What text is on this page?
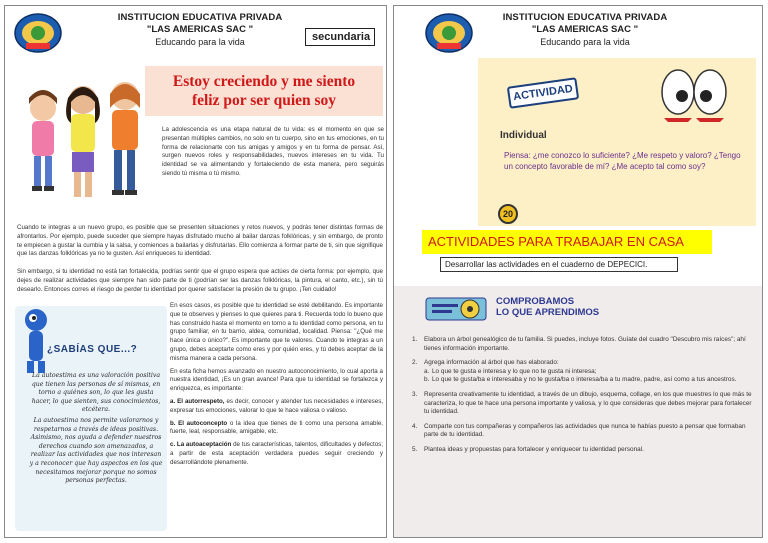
INSTITUCION EDUCATIVA PRIVADA
"LAS AMERICAS SAC "
Educando para la vida	secundaria
Estoy creciendo y me siento
feliz por ser quien soy

La adolescencia es una etapa natural de tu vida: es el momento en que se presentan múltiples cambios, no solo en tu cuerpo, sino en tus emociones, en tu forma de relacionarte con tus amigas y amigos y en tu forma de pensar. Así, surgen nuevos roles y responsabilidades, nuevos intereses en tu vida. Tu identidad se va alimentando y fortaleciendo de esta manera, pero seguirás siendo tú misma o tú mismo.

Cuando te integras a un nuevo grupo, es posible que se presenten situaciones y retos nuevos, y podrás tener distintas formas de afrontarlos. Por ejemplo, puede suceder que siempre hayas disfrutado mucho al bailar danzas folklóricas, y sin embargo, de pronto te empiecen a gustar la cumbia y la salsa, y comiences a bailarlas y disfrutarlas. Ello comienza a formar parte de ti, sin que signifique que las danzas folklóricas ya no te gusten. Así enriqueces tu identidad.

Sin embargo, si tu identidad no está tan fortalecida, podrías sentir que el grupo espera que actúes de cierta forma: por ejemplo, que dejes de realizar actividades que siempre han sido parte de ti (podrían ser las danzas folklóricas, la pintura, el canto, etc.), sin tú desearlo. Entonces corres el riesgo de perder tu identidad por querer satisfacer la presión de tu grupo. ¡Ten cuidado!

¿SABÍAS QUE...?

La autoestima es una valoración positiva que tienen las personas de sí mismas, en torno a quiénes son, lo que les gusta hacer, lo que sienten, sus conocimientos, etcétera.

La autoestima nos permite valorarnos y respetarnos a través de ideas positivas. Asimismo, nos ayuda a defender nuestros derechos cuando son amenazados, a realizar las actividades que nos interesan y a reconocer que hay aspectos en los que necesitamos mejorar porque no somos personas perfectas.

En esos casos, es posible que tu identidad se esté debilitando. Es importante que te observes y pienses lo que quieres para ti. Recuerda todo lo bueno que has construido hasta el momento en torno a tu identidad como persona, en tu grupo familiar, en tu barrio, aldea, comunidad, localidad. Piensa: "¿Qué me hace única o único?". Es importante que te valores. Cuando te integras a un grupo, debes aceptarte como eres y por quién eres, y tú debes aceptar de la misma manera a cada persona.

En esta ficha hemos avanzado en nuestro autoconocimiento, lo cual aporta a nuestra identidad, ¡Es un gran avance! Para que tu identidad se fortalezca y enriquezca, es importante:

a. El autorrespeto, es decir, conocer y atender tus necesidades e intereses, expresar tus emociones, valorar lo que te hace valiosa o valioso.

b. El autoconcepto o la idea que tienes de ti como una persona amable, fuerte, leal, responsable, amigable, etc.

c. La autoaceptación de tus características, talentos, dificultades y defectos; a partir de esta aceptación verdadera puedes seguir creciendo y desarrollándote plenamente.

INSTITUCION EDUCATIVA PRIVADA
"LAS AMERICAS SAC "
Educando para la vida
ACTIVIDAD
Individual
Piensa: ¿me conozco lo suficiente? ¿Me respeto y valoro? ¿Tengo un concepto favorable de mí? ¿Me acepto tal como soy?
20
ACTIVIDADES PARA TRABAJAR EN CASA
Desarrollar las actividades en el cuaderno de DEPECICI.
COMPROBAMOS
LO QUE APRENDIMOS
1.	Elabora un árbol genealógico de tu familia. Si puedes, incluye fotos. Guíate del cuadro "Descubro mis raíces"; ahí tienes información importante.
2.	Agrega información al árbol que has elaborado:
a. Lo que te gusta e interesa y lo que no te gusta ni interesa;
b. Lo que te gusta/ba e interesaba y no te gusta/ba o interesa/ba a tu madre, padre, así como a tus ancestros.
3.	Representa creativamente tu identidad, a través de un dibujo, esquema, collage, en los que muestres lo que más te caracteriza, lo que te hace una persona importante y valiosa, y lo que consideras que debes mejorar para fortalecer tu identidad.
4.	Comparte con tus compañeras y compañeros las actividades que nunca te habías puesto a pensar que formaban parte de tu identidad.
5.	Plantea ideas y propuestas para fortalecer y enriquecer tu identidad personal.
